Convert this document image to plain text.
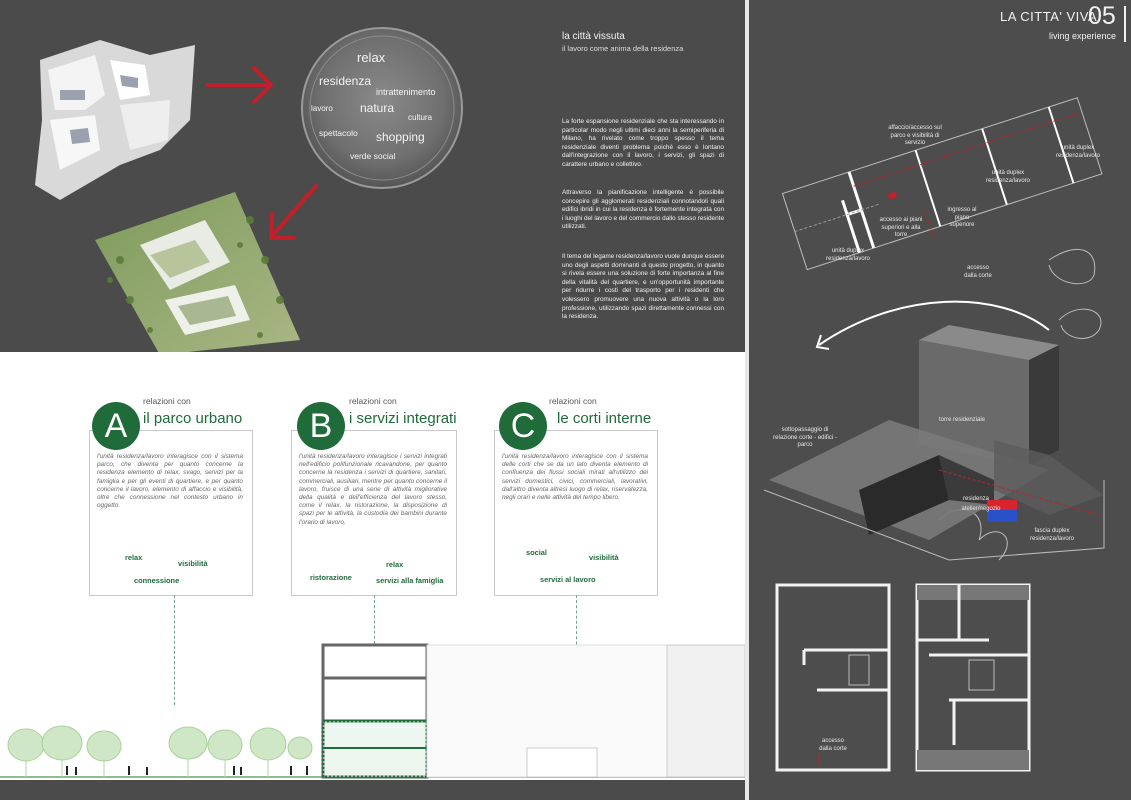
relax
residenza
intrattenimento
lavoro natura
cultura
spettacolo shopping
verde social
la città vissuta
il lavoro come anima della residenza
La forte espansione residenziale che sta interessando in particolar modo negli ultimi dieci anni la semiperiferia di Milano, ha rivelato come troppo spesso il tema residenziale diventi problema poiché esso è lontano dall'integrazione con il lavoro, i servizi, gli spazi di carattere urbano e collettivo.
Attraverso la pianificazione intelligente è possibile concepire gli agglomerati residenziali connotandoli quali edifici ibridi in cui la residenza è fortemente integrata con i luoghi del lavoro e del commercio dallo stesso residente utilizzati.
Il tema del legame residenza/lavoro vuole dunque essere uno degli aspetti dominanti di questo progetto, in quanto si rivela essere una soluzione di forte importanza al fine della vitalità del quartiere, e un'opportunità importante per ridurre i costi del trasporto per i residenti che volessero promuovere una nuova attività o la loro professione, utilizzando spazi direttamente connessi con la residenza.
A
relazioni con
il parco urbano
l'unità residenza/lavoro interagisce con il sistema parco, che diventa per quanto concerne la residenza elemento di relax, svago, servizi per la famiglia e per gli eventi di quartiere, e per quanto concerne il lavoro, elemento di affaccio e visibilità, oltre che connessione nel contesto urbano in oggetto.
relax
visibilità
connessione
B
relazioni con
i servizi integrati
l'unità residenza/lavoro interagisce i servizi integrati nell'edificio polifunzionale ricavandone, per quanto concerne la residenza i servizi di quartiere, sanitari, commerciali, ausiliari, mentre per quanto concerne il lavoro, fruisce di una serie di attività migliorative della qualità e dell'efficienza del lavoro stesso, come il relax, la ristorazione, la disposizione di spazi per le attività, la custodia dei bambini durante l'orario di lavoro.
relax
ristorazione	servizi alla famiglia
C
relazioni con
le corti interne
l'unità residenza/lavoro interagisce con il sistema delle corti che se da un lato diventa elemento di confluenza dei flussi sociali mirati all'utilizzo dei servizi domestici, civici, commerciali, lavorativi, dall'altro diventa altresì luogo di relax, riservatezza, negli orari e nelle attività del tempo libero.
social
visibilità
servizi al lavoro
LA CITTA' VIVA
05
living experience
affaccio/accesso sul parco e visibilità di servizio
unità duplex residenza/lavoro
unità duplex residenza/lavoro
unità duplex residenza/lavoro
accesso ai piani superiori e alla torre
ingresso al piano superiore
accesso dalla corte
torre residenziale
sottopassaggio di relazione corte - edifici - parco
residenza
atelier/negozio
fascia duplex residenza/lavoro
accesso dalla corte
